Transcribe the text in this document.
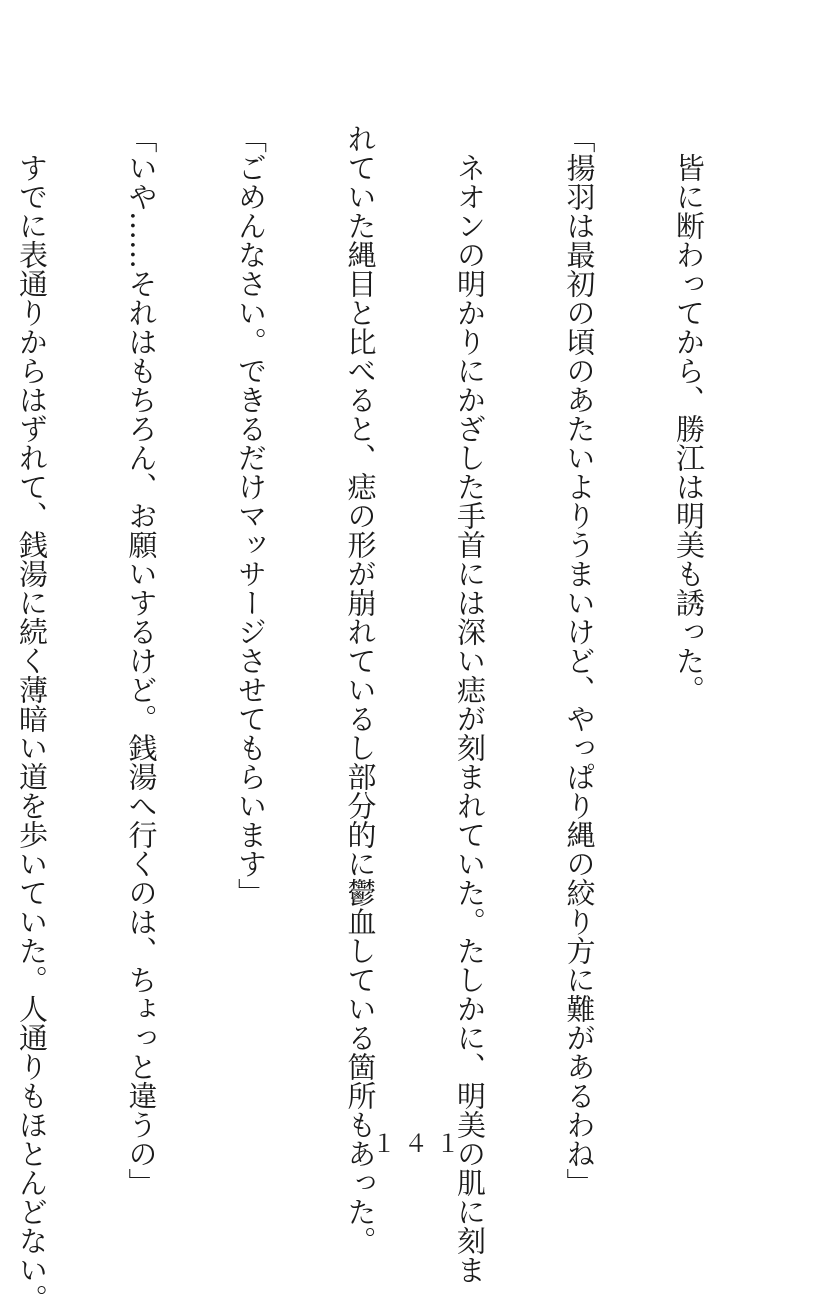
　皆に断わってから、勝江は明美も誘った。

「揚羽は最初の頃のあたいよりうまいけど、やっぱり縄の絞り方に難があるわね」

　ネオンの明かりにかざした手首には深い痣が刻まれていた。たしかに、明美の肌に刻ま

れていた縄目と比べると、痣の形が崩れているし部分的に鬱血している箇所もあった。

「ごめんなさい。できるだけマッサージさせてもらいます」

「いや……それはもちろん、お願いするけど。銭湯へ行くのは、ちょっと違うの」

　すでに表通りからはずれて、銭湯に続く薄暗い道を歩いていた。人通りもほとんどない。

	１４１
